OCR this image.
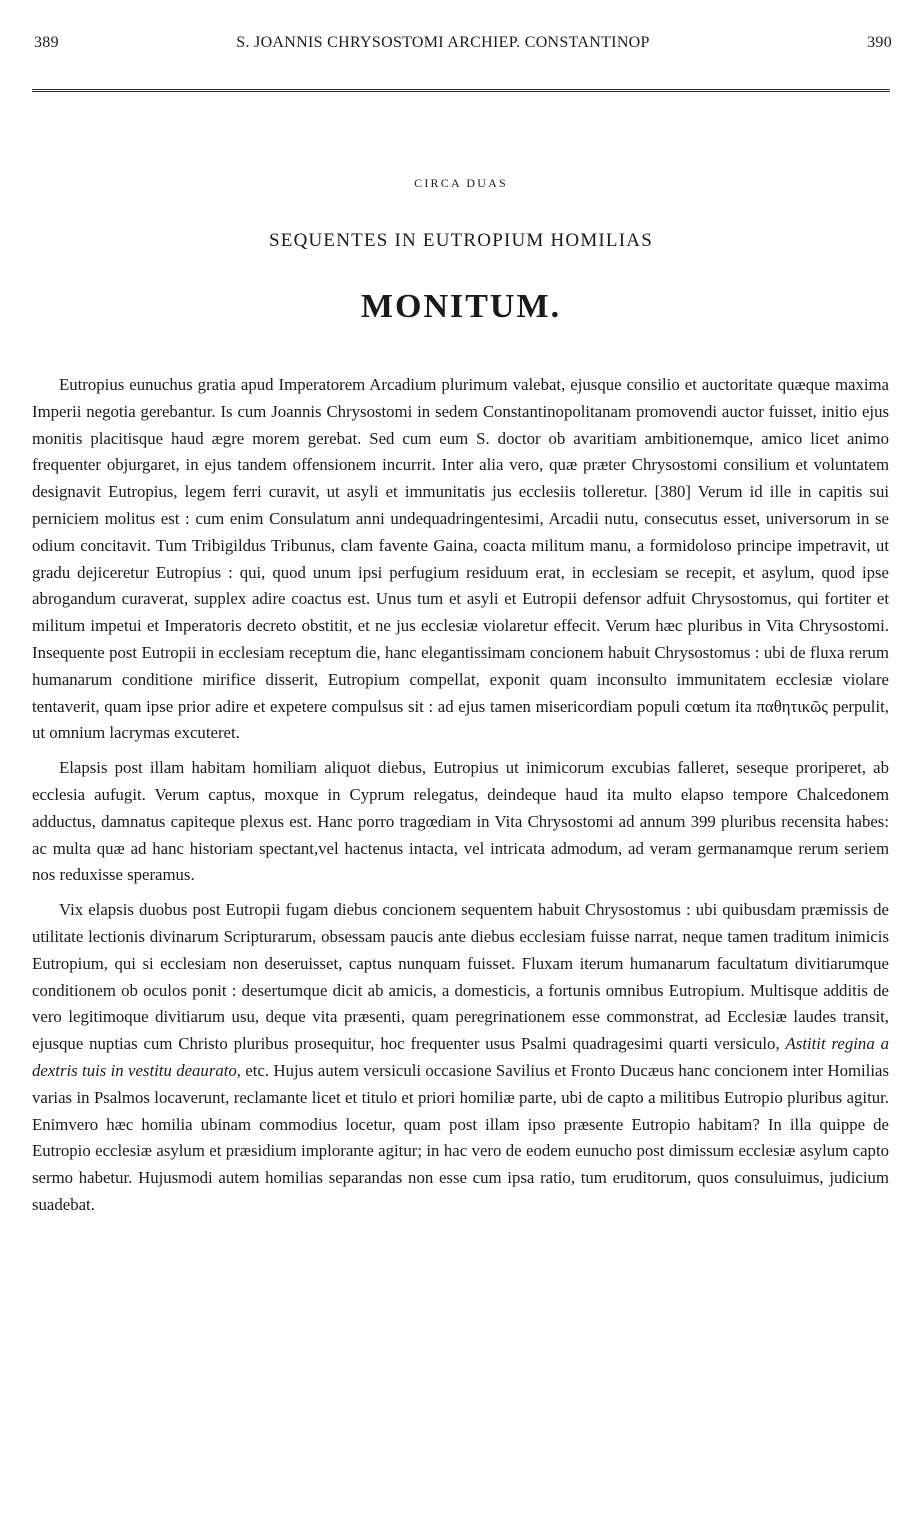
389	S. JOANNIS CHRYSOSTOMI ARCHIEP. CONSTANTINOP	390
CIRCA DUAS
SEQUENTES IN EUTROPIUM HOMILIAS
MONITUM.

Eutropius eunuchus gratia apud Imperatorem Arcadium plurimum valebat, ejusque consilio et auctoritate quæque maxima Imperii negotia gerebantur. Is cum Joannis Chrysostomi in sedem Constantinopolitanam promovendi auctor fuisset, initio ejus monitis placitisque haud ægre morem gerebat. Sed cum eum S. doctor ob avaritiam ambitionemque, amico licet animo frequenter objurgaret, in ejus tandem offensionem incurrit. Inter alia vero, quæ præter Chrysostomi consilium et voluntatem designavit Eutropius, legem ferri curavit, ut asyli et immunitatis jus ecclesiis tolleretur. [380] Verum id ille in capitis sui perniciem molitus est : cum enim Consulatum anni undequadringentesimi, Arcadii nutu, consecutus esset, universorum in se odium concitavit. Tum Tribigildus Tribunus, clam favente Gaina, coacta militum manu, a formidoloso principe impetravit, ut gradu dejiceretur Eutropius : qui, quod unum ipsi perfugium residuum erat, in ecclesiam se recepit, et asylum, quod ipse abrogandum curaverat, supplex adire coactus est. Unus tum et asyli et Eutropii defensor adfuit Chrysostomus, qui fortiter et militum impetui et Imperatoris decreto obstitit, et ne jus ecclesiæ violaretur effecit. Verum hæc pluribus in Vita Chrysostomi. Insequente post Eutropii in ecclesiam receptum die, hanc elegantissimam concionem habuit Chrysostomus : ubi de fluxa rerum humanarum conditione mirifice disserit, Eutropium compellat, exponit quam inconsulto immunitatem ecclesiæ violare tentaverit, quam ipse prior adire et expetere compulsus sit : ad ejus tamen misericordiam populi cœtum ita παθητικῶς perpulit, ut omnium lacrymas excuteret.

Elapsis post illam habitam homiliam aliquot diebus, Eutropius ut inimicorum excubias falleret, seseque proriperet, ab ecclesia aufugit. Verum captus, moxque in Cyprum relegatus, deindeque haud ita multo elapso tempore Chalcedonem adductus, damnatus capiteque plexus est. Hanc porro tragœdiam in Vita Chrysostomi ad annum 399 pluribus recensita habes: ac multa quæ ad hanc historiam spectant,vel hactenus intacta, vel intricata admodum, ad veram germanamque rerum seriem nos reduxisse speramus.

Vix elapsis duobus post Eutropii fugam diebus concionem sequentem habuit Chrysostomus : ubi quibusdam præmissis de utilitate lectionis divinarum Scripturarum, obsessam paucis ante diebus ecclesiam fuisse narrat, neque tamen traditum inimicis Eutropium, qui si ecclesiam non deseruisset, captus nunquam fuisset. Fluxam iterum humanarum facultatum divitiarumque conditionem ob oculos ponit : desertumque dicit ab amicis, a domesticis, a fortunis omnibus Eutropium. Multisque additis de vero legitimoque divitiarum usu, deque vita præsenti, quam peregrinationem esse commonstrat, ad Ecclesiæ laudes transit, ejusque nuptias cum Christo pluribus prosequitur, hoc frequenter usus Psalmi quadragesimi quarti versiculo, Astitit regina a dextris tuis in vestitu deaurato, etc. Hujus autem versiculi occasione Savilius et Fronto Ducæus hanc concionem inter Homilias varias in Psalmos locaverunt, reclamante licet et titulo et priori homiliæ parte, ubi de capto a militibus Eutropio pluribus agitur. Enimvero hæc homilia ubinam commodius locetur, quam post illam ipso præsente Eutropio habitam? In illa quippe de Eutropio ecclesiæ asylum et præsidium implorante agitur; in hac vero de eodem eunucho post dimissum ecclesiæ asylum capto sermo habetur. Hujusmodi autem homilias separandas non esse cum ipsa ratio, tum eruditorum, quos consuluimus, judicium suadebat.
